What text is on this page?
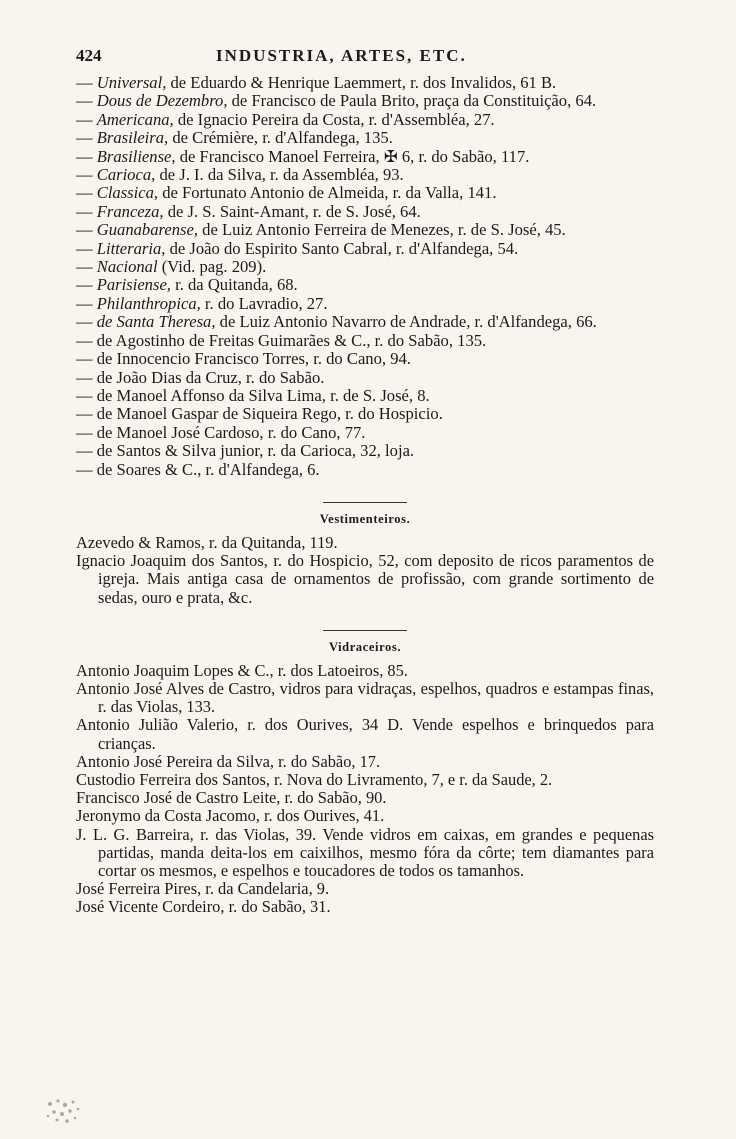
424	INDUSTRIA, ARTES, ETC.
— Universal, de Eduardo & Henrique Laemmert, r. dos Invalidos, 61 B.
— Dous de Dezembro, de Francisco de Paula Brito, praça da Constituição, 64.
— Americana, de Ignacio Pereira da Costa, r. d'Assembléa, 27.
— Brasileira, de Crémière, r. d'Alfandega, 135.
— Brasiliense, de Francisco Manoel Ferreira, ✠ 6, r. do Sabão, 117.
— Carioca, de J. I. da Silva, r. da Assembléa, 93.
— Classica, de Fortunato Antonio de Almeida, r. da Valla, 141.
— Franceza, de J. S. Saint-Amant, r. de S. José, 64.
— Guanabarense, de Luiz Antonio Ferreira de Menezes, r. de S. José, 45.
— Litteraria, de João do Espirito Santo Cabral, r. d'Alfandega, 54.
— Nacional (Vid. pag. 209).
— Parisiense, r. da Quitanda, 68.
— Philanthropica, r. do Lavradio, 27.
— de Santa Theresa, de Luiz Antonio Navarro de Andrade, r. d'Alfandega, 66.
— de Agostinho de Freitas Guimarães & C., r. do Sabão, 135.
— de Innocencio Francisco Torres, r. do Cano, 94.
— de João Dias da Cruz, r. do Sabão.
— de Manoel Affonso da Silva Lima, r. de S. José, 8.
— de Manoel Gaspar de Siqueira Rego, r. do Hospicio.
— de Manoel José Cardoso, r. do Cano, 77.
— de Santos & Silva junior, r. da Carioca, 32, loja.
— de Soares & C., r. d'Alfandega, 6.
Vestimenteiros.
Azevedo & Ramos, r. da Quitanda, 119.
Ignacio Joaquim dos Santos, r. do Hospicio, 52, com deposito de ricos paramentos de igreja. Mais antiga casa de ornamentos de profissão, com grande sortimento de sedas, ouro e prata, &c.
Vidraceiros.
Antonio Joaquim Lopes & C., r. dos Latoeiros, 85.
Antonio José Alves de Castro, vidros para vidraças, espelhos, quadros e estampas finas, r. das Violas, 133.
Antonio Julião Valerio, r. dos Ourives, 34 D. Vende espelhos e brinquedos para crianças.
Antonio José Pereira da Silva, r. do Sabão, 17.
Custodio Ferreira dos Santos, r. Nova do Livramento, 7, e r. da Saude, 2.
Francisco José de Castro Leite, r. do Sabão, 90.
Jeronymo da Costa Jacomo, r. dos Ourives, 41.
J. L. G. Barreira, r. das Violas, 39. Vende vidros em caixas, em grandes e pequenas partidas, manda deita-los em caixilhos, mesmo fóra da côrte; tem diamantes para cortar os mesmos, e espelhos e toucadores de todos os tamanhos.
José Ferreira Pires, r. da Candelaria, 9.
José Vicente Cordeiro, r. do Sabão, 31.
